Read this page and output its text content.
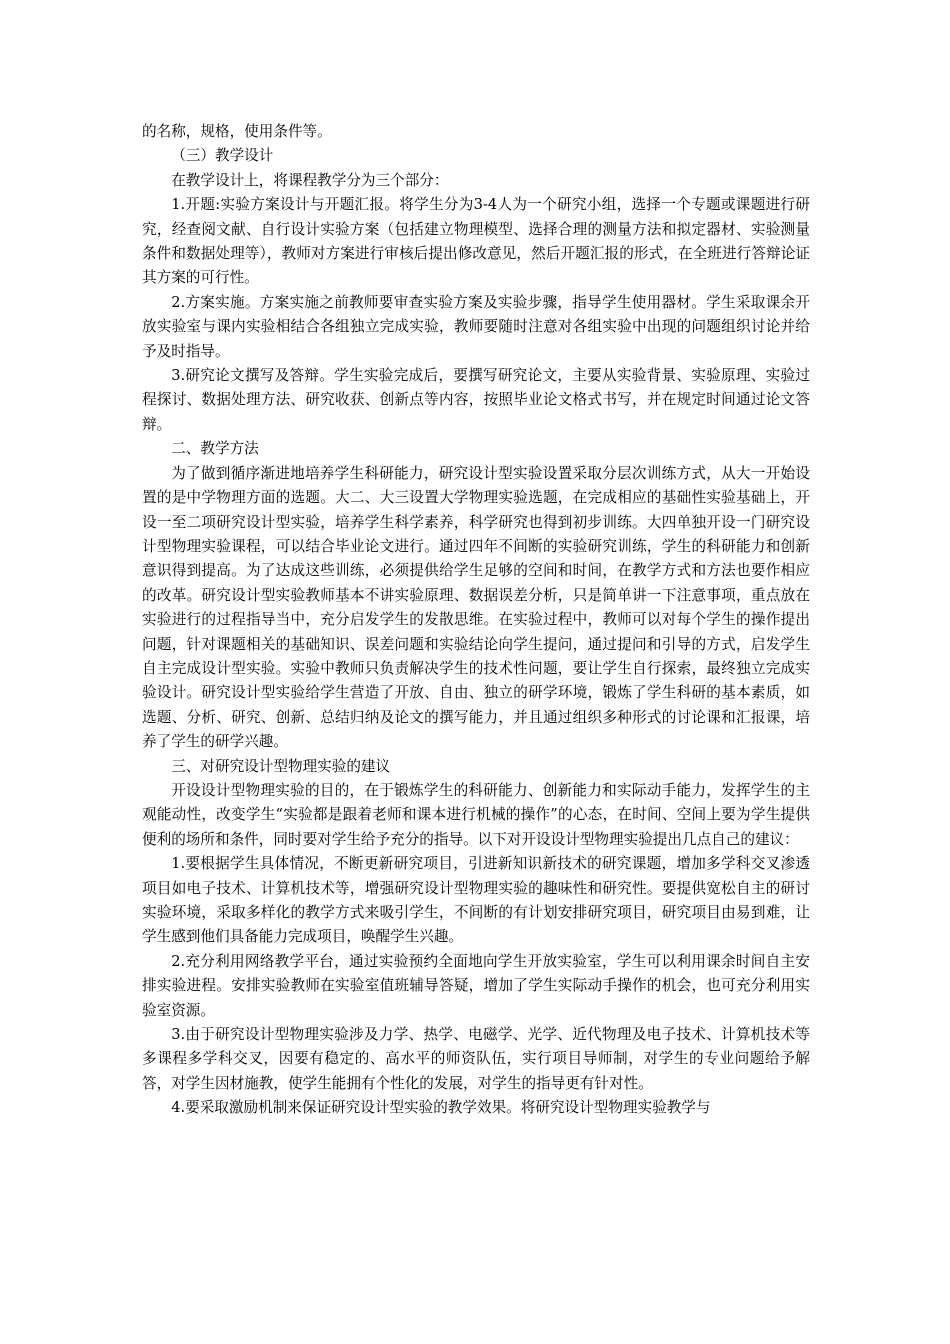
的名称，规格，使用条件等。

（三）教学设计

在教学设计上，将课程教学分为三个部分：

1.开题:实验方案设计与开题汇报。将学生分为3-4人为一个研究小组，选择一个专题或课题进行研究，经查阅文献、自行设计实验方案（包括建立物理模型、选择合理的测量方法和拟定器材、实验测量条件和数据处理等），教师对方案进行审核后提出修改意见，然后开题汇报的形式，在全班进行答辩论证其方案的可行性。

2.方案实施。方案实施之前教师要审查实验方案及实验步骤，指导学生使用器材。学生采取课余开放实验室与课内实验相结合各组独立完成实验，教师要随时注意对各组实验中出现的问题组织讨论并给予及时指导。

3.研究论文撰写及答辩。学生实验完成后，要撰写研究论文，主要从实验背景、实验原理、实验过程探讨、数据处理方法、研究收获、创新点等内容，按照毕业论文格式书写，并在规定时间通过论文答辩。

二、教学方法

为了做到循序渐进地培养学生科研能力，研究设计型实验设置采取分层次训练方式，从大一开始设置的是中学物理方面的选题。大二、大三设置大学物理实验选题，在完成相应的基础性实验基础上，开设一至二项研究设计型实验，培养学生科学素养，科学研究也得到初步训练。大四单独开设一门研究设计型物理实验课程，可以结合毕业论文进行。通过四年不间断的实验研究训练，学生的科研能力和创新意识得到提高。为了达成这些训练，必须提供给学生足够的空间和时间，在教学方式和方法也要作相应的改革。研究设计型实验教师基本不讲实验原理、数据误差分析，只是简单讲一下注意事项，重点放在实验进行的过程指导当中，充分启发学生的发散思维。在实验过程中，教师可以对每个学生的操作提出问题，针对课题相关的基础知识、误差问题和实验结论向学生提问，通过提问和引导的方式，启发学生自主完成设计型实验。实验中教师只负责解决学生的技术性问题，要让学生自行探索，最终独立完成实验设计。研究设计型实验给学生营造了开放、自由、独立的研学环境，锻炼了学生科研的基本素质，如选题、分析、研究、创新、总结归纳及论文的撰写能力，并且通过组织多种形式的讨论课和汇报课，培养了学生的研学兴趣。

三、对研究设计型物理实验的建议

开设设计型物理实验的目的，在于锻炼学生的科研能力、创新能力和实际动手能力，发挥学生的主观能动性，改变学生“实验都是跟着老师和课本进行机械的操作”的心态，在时间、空间上要为学生提供便利的场所和条件，同时要对学生给予充分的指导。以下对开设设计型物理实验提出几点自己的建议：

1.要根据学生具体情况，不断更新研究项目，引进新知识新技术的研究课题，增加多学科交叉渗透项目如电子技术、计算机技术等，增强研究设计型物理实验的趣味性和研究性。要提供宽松自主的研讨实验环境，采取多样化的教学方式来吸引学生，不间断的有计划安排研究项目，研究项目由易到难，让学生感到他们具备能力完成项目，唤醒学生兴趣。

2.充分利用网络教学平台，通过实验预约全面地向学生开放实验室，学生可以利用课余时间自主安排实验进程。安排实验教师在实验室值班辅导答疑，增加了学生实际动手操作的机会，也可充分利用实验室资源。

3.由于研究设计型物理实验涉及力学、热学、电磁学、光学、近代物理及电子技术、计算机技术等多课程多学科交叉，因要有稳定的、高水平的师资队伍，实行项目导师制，对学生的专业问题给予解答，对学生因材施教，使学生能拥有个性化的发展，对学生的指导更有针对性。

4.要采取激励机制来保证研究设计型实验的教学效果。将研究设计型物理实验教学与
